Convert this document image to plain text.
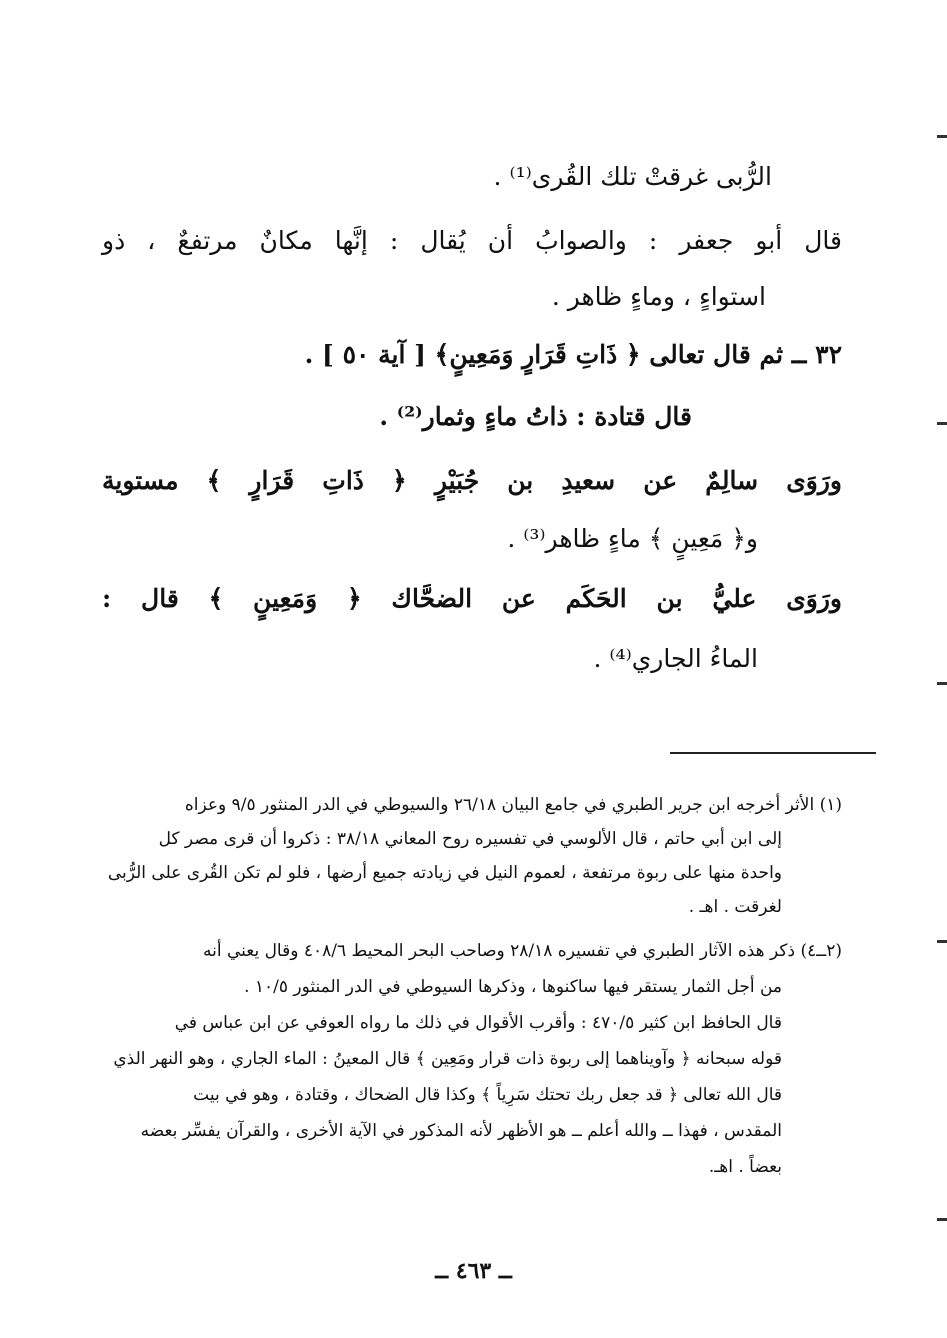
الرُّبى غرقتْ تلك القُرى⁽¹⁾ .
قال أبو جعفر : والصوابُ أن يُقال : إنَّها مكانٌ مرتفعٌ ، ذو
استواءٍ ، وماءٍ ظاهر .
٣٢ ــ ثم قال تعالى ﴿ ذَاتِ قَرَارٍ وَمَعِينٍ﴾ [ آية ٥٠ ] .
قال قتادة : ذاتُ ماءٍ وثمار⁽²⁾ .
ورَوَى سالِمٌ عن سعيدِ بن جُبَيْرٍ ﴿ ذَاتِ قَرَارٍ ﴾ مستوية
و﴿ مَعِينٍ ﴾ ماءٍ ظاهر⁽³⁾ .
ورَوَى عليُّ بن الحَكَم عن الضحَّاك ﴿ وَمَعِينٍ ﴾ قال :
الماءُ الجاري⁽⁴⁾ .
(١) الأثر أخرجه ابن جرير الطبري في جامع البيان ٢٦/١٨ والسيوطي في الدر المنثور ٩/٥ وعزاه
إلى ابن أبي حاتم ، قال الألوسي في تفسيره روح المعاني ٣٨/١٨ : ذكروا أن قرى مصر كل
واحدة منها على ربوة مرتفعة ، لعموم النيل في زيادته جميع أرضها ، فلو لم تكن القُرى على الرُّبى
لغرقت . اهـ .
(٢ــ٤) ذكر هذه الآثار الطبري في تفسيره ٢٨/١٨ وصاحب البحر المحيط ٤٠٨/٦ وقال يعني أنه
من أجل الثمار يستقر فيها ساكنوها ، وذكرها السيوطي في الدر المنثور ١٠/٥ .
قال الحافظ ابن كثير ٤٧٠/٥ : وأقرب الأقوال في ذلك ما رواه العوفي عن ابن عباس في
قوله سبحانه ﴿ وآويناهما إلى ربوة ذات قرار ومَعِين ﴾ قال المعينُ : الماء الجاري ، وهو النهر الذي
قال الله تعالى ﴿ قد جعل ربك تحتك سَرِياً ﴾ وكذا قال الضحاك ، وقتادة ، وهو في بيت
المقدس ، فهذا ــ والله أعلم ــ هو الأظهر لأنه المذكور في الآية الأخرى ، والقرآن يفسِّر بعضه
بعضاً . اهـ.
ــ ٤٦٣ ــ
